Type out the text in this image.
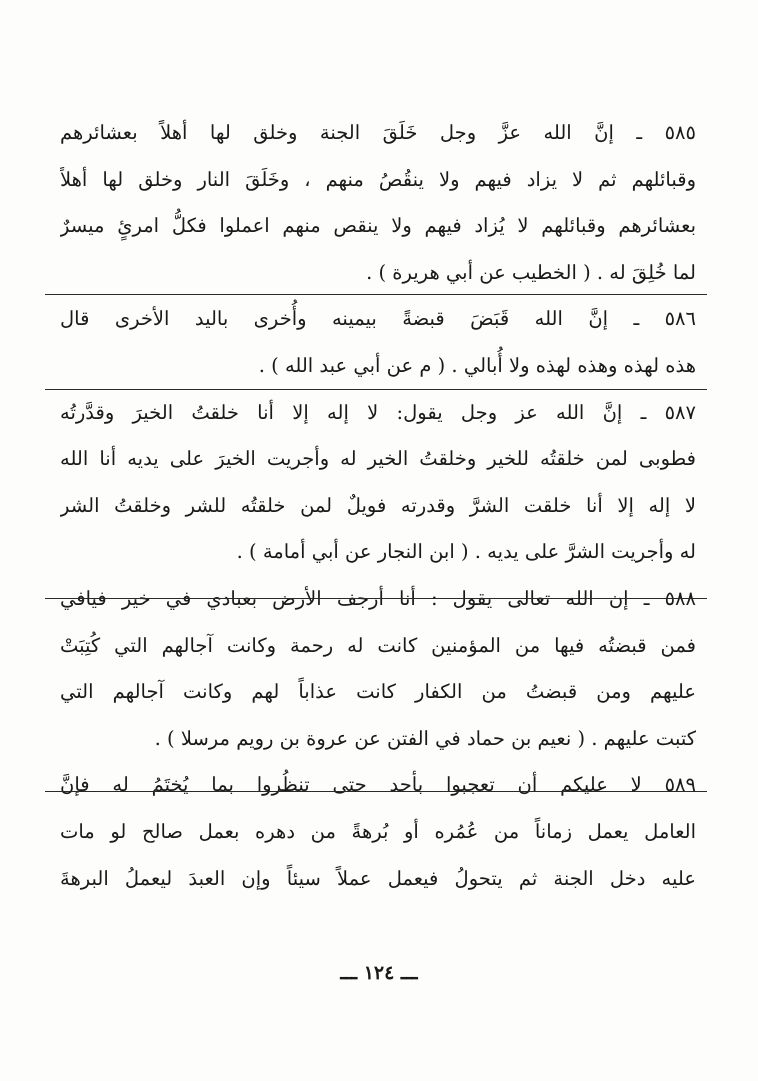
٥٨٥ ـ إنَّ الله عزَّ وجل خَلَقَ الجنة وخلق لها أهلاً بعشائرهم
وقبائلهم ثم لا يزاد فيهم ولا ينقُصُ منهم ، وخَلَقَ النار وخلق لها أهلاً
بعشائرهم وقبائلهم لا يُزاد فيهم ولا ينقص منهم اعملوا فكلُّ امرئٍ ميسرٌ
لما خُلِقَ له . ( الخطيب عن أبي هريرة ) .
٥٨٦ ـ إنَّ الله قَبَضَ قبضةً بيمينه وأُخرى باليد الأخرى قال
هذه لهذه وهذه لهذه ولا أُبالي . ( م عن أبي عبد الله ) .
٥٨٧ ـ إنَّ الله عز وجل يقول: لا إله إلا أنا خلقتُ الخيرَ وقدَّرتُه
فطوبى لمن خلقتُه للخير وخلقتُ الخير له وأجريت الخيرَ على يديه أنا الله
لا إله إلا أنا خلقت الشرَّ وقدرته فويلٌ لمن خلقتُه للشر وخلقتُ الشر
له وأجريت الشرَّ على يديه . ( ابن النجار عن أبي أمامة ) .
٥٨٨ ـ إن الله تعالى يقول : أنا أرجف الأرض بعبادي في خير فيافي
فمن قبضتُه فيها من المؤمنين كانت له رحمة وكانت آجالهم التي كُتِبَتْ
عليهم ومن قبضتُ من الكفار كانت عذاباً لهم وكانت آجالهم التي
كتبت عليهم . ( نعيم بن حماد في الفتن عن عروة بن رويم مرسلا ) .
٥٨٩ لا عليكم أن تعجبوا بأحد حتى تنظُروا بما يُختَمُ له فإنَّ
العامل يعمل زماناً من عُمُره أو بُرهةً من دهره بعمل صالح لو مات
عليه دخل الجنة ثم يتحولُ فيعمل عملاً سيئاً وإن العبدَ ليعملُ البرهةَ
ـــ ١٢٤ ـــ
